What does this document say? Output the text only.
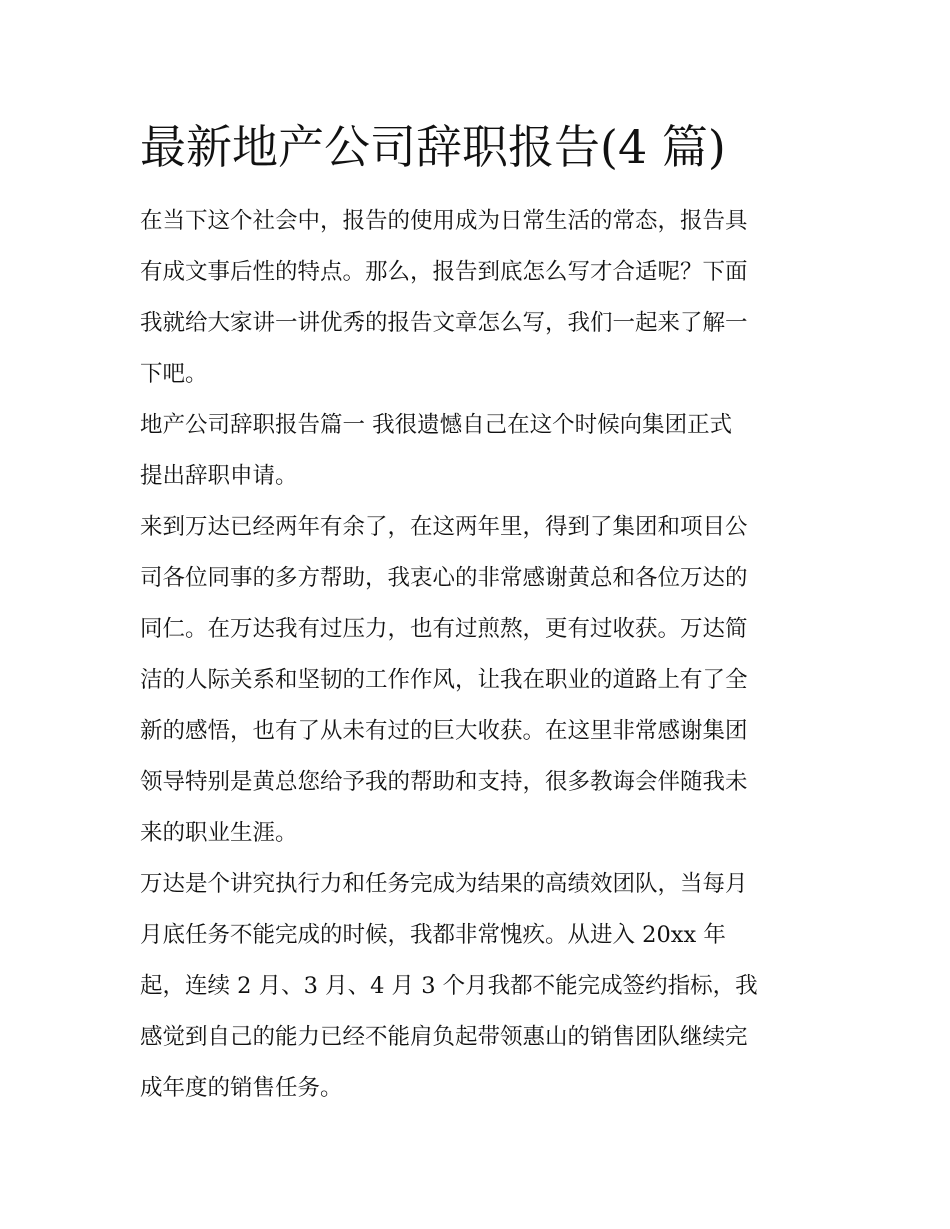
最新地产公司辞职报告(4 篇)
在当下这个社会中，报告的使用成为日常生活的常态，报告具
有成文事后性的特点。那么，报告到底怎么写才合适呢？下面
我就给大家讲一讲优秀的报告文章怎么写，我们一起来了解一
下吧。
地产公司辞职报告篇一 我很遗憾自己在这个时候向集团正式
提出辞职申请。
来到万达已经两年有余了，在这两年里，得到了集团和项目公
司各位同事的多方帮助，我衷心的非常感谢黄总和各位万达的
同仁。在万达我有过压力，也有过煎熬，更有过收获。万达简
洁的人际关系和坚韧的工作作风，让我在职业的道路上有了全
新的感悟，也有了从未有过的巨大收获。在这里非常感谢集团
领导特别是黄总您给予我的帮助和支持，很多教诲会伴随我未
来的职业生涯。
万达是个讲究执行力和任务完成为结果的高绩效团队，当每月
月底任务不能完成的时候，我都非常愧疚。从进入 20xx 年
起，连续 2 月、3 月、4 月 3 个月我都不能完成签约指标，我
感觉到自己的能力已经不能肩负起带领惠山的销售团队继续完
成年度的销售任务。
